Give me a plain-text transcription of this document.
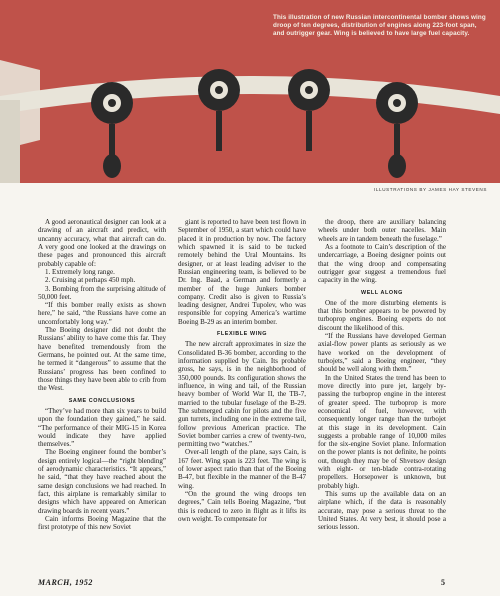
This illustration of new Russian intercontinental bomber shows wing droop of ten degrees, distribution of engines along 223-foot span, and outrigger gear. Wing is believed to have large fuel capacity.
ILLUSTRATIONS BY JAMES HAY STEVENS

A good aeronautical designer can look at a drawing of an aircraft and predict, with uncanny accuracy, what that aircraft can do. A very good one looked at the drawings on these pages and pronounced this aircraft probably capable of:

1. Extremely long range.

2. Cruising at perhaps 450 mph.

3. Bombing from the surprising altitude of 50,000 feet.

“If this bomber really exists as shown here,” he said, “the Russians have come an uncomfortably long way.”

The Boeing designer did not doubt the Russians’ ability to have come this far. They have benefited tremendously from the Germans, he pointed out. At the same time, he termed it “dangerous” to assume that the Russians’ progress has been confined to those things they have been able to crib from the West.

SAME CONCLUSIONS

“They’ve had more than six years to build upon the foundation they gained,” he said. “The performance of their MIG-15 in Korea would indicate they have applied themselves.”

The Boeing engineer found the bomber’s design entirely logical—the “right blending” of aerodynamic characteristics. “It appears,” he said, “that they have reached about the same design conclusions we had reached. In fact, this airplane is remarkably similar to designs which have appeared on American drawing boards in recent years.”

Cain informs Boeing Magazine that the first prototype of this new Soviet

giant is reported to have been test flown in September of 1950, a start which could have placed it in production by now. The factory which spawned it is said to be tucked remotely behind the Ural Mountains. Its designer, or at least leading adviser to the Russian engineering team, is believed to be Dr. Ing. Baad, a German and formerly a member of the huge Junkers bomber company. Credit also is given to Russia’s leading designer, Andrei Tupolev, who was responsible for copying America’s wartime Boeing B-29 as an interim bomber.

FLEXIBLE WING

The new aircraft approximates in size the Consolidated B-36 bomber, according to the information supplied by Cain. Its probable gross, he says, is in the neighborhood of 350,000 pounds. Its configuration shows the influence, in wing and tail, of the Russian heavy bomber of World War II, the TB-7, married to the tubular fuselage of the B-29. The submerged cabin for pilots and the five gun turrets, including one in the extreme tail, follow previous American practice. The Soviet bomber carries a crew of twenty-two, permitting two “watches.”

Over-all length of the plane, says Cain, is 167 feet. Wing span is 223 feet. The wing is of lower aspect ratio than that of the Boeing B-47, but flexible in the manner of the B-47 wing.

“On the ground the wing droops ten degrees,” Cain tells Boeing Magazine, “but this is reduced to zero in flight as it lifts its own weight. To compensate for

the droop, there are auxiliary balancing wheels under both outer nacelles. Main wheels are in tandem beneath the fuselage.”

As a footnote to Cain’s description of the undercarriage, a Boeing designer points out that the wing droop and compensating outrigger gear suggest a tremendous fuel capacity in the wing.

WELL ALONG

One of the more disturbing elements is that this bomber appears to be powered by turboprop engines. Boeing experts do not discount the likelihood of this.

“If the Russians have developed German axial-flow power plants as seriously as we have worked on the development of turbojets,” said a Boeing engineer, “they should be well along with them.”

In the United States the trend has been to move directly into pure jet, largely by-passing the turboprop engine in the interest of greater speed. The turboprop is more economical of fuel, however, with consequently longer range than the turbojet at this stage in its development. Cain suggests a probable range of 10,000 miles for the six-engine Soviet plane. Information on the power plants is not definite, he points out, though they may be of Shvetsov design with eight- or ten-blade contra-rotating propellers. Horsepower is unknown, but probably high.

This sums up the available data on an airplane which, if the data is reasonably accurate, may pose a serious threat to the United States. At very best, it should pose a serious lesson.

MARCH, 1952	5
